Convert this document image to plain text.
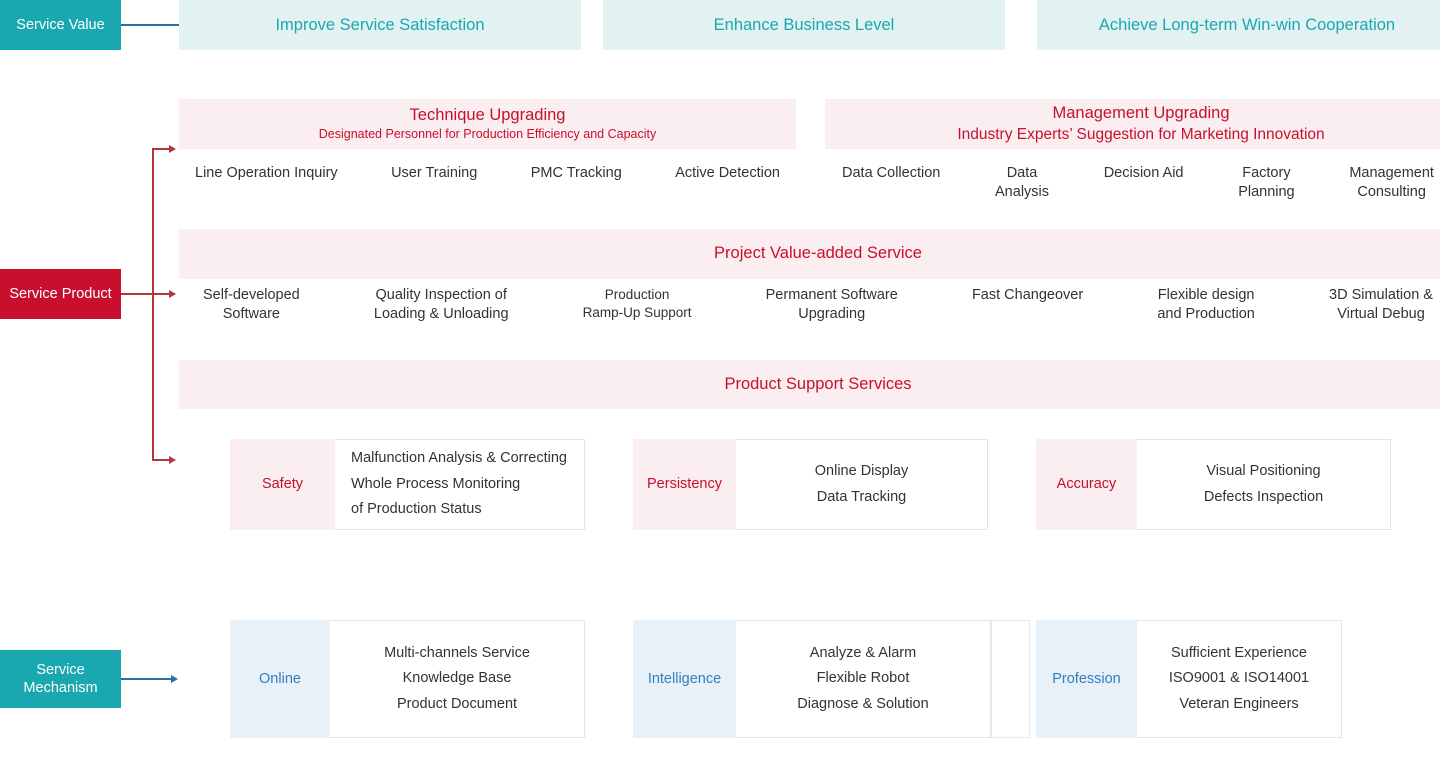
Service Value
Service Product
Service
Mechanism
Improve Service Satisfaction	Enhance Business Level	Achieve Long-term Win-win Cooperation
Technique Upgrading
Designated Personnel for Production Efficiency and Capacity
Line Operation Inquiry	User Training	PMC Tracking	Active Detection
Management Upgrading
Industry Experts’ Suggestion for Marketing Innovation
Data Collection	Data
Analysis
Decision Aid	Factory
Planning
Management
Consulting
Project Value-added Service
Self-developed
Software
Quality Inspection of
Loading & Unloading
Production
Ramp-Up Support
Permanent Software
Upgrading
Fast Changeover	Flexible design
and Production
3D Simulation &
Virtual Debug
Product Support Services
Safety
Malfunction Analysis & Correcting
Whole Process Monitoring
of Production Status
Persistency
Online Display
Data Tracking
Accuracy
Visual Positioning
Defects Inspection
Online
Multi-channels Service
Knowledge Base
Product Document
Intelligence
Analyze & Alarm
Flexible Robot
Diagnose & Solution
Profession
Sufficient Experience
ISO9001 & ISO14001
Veteran Engineers
